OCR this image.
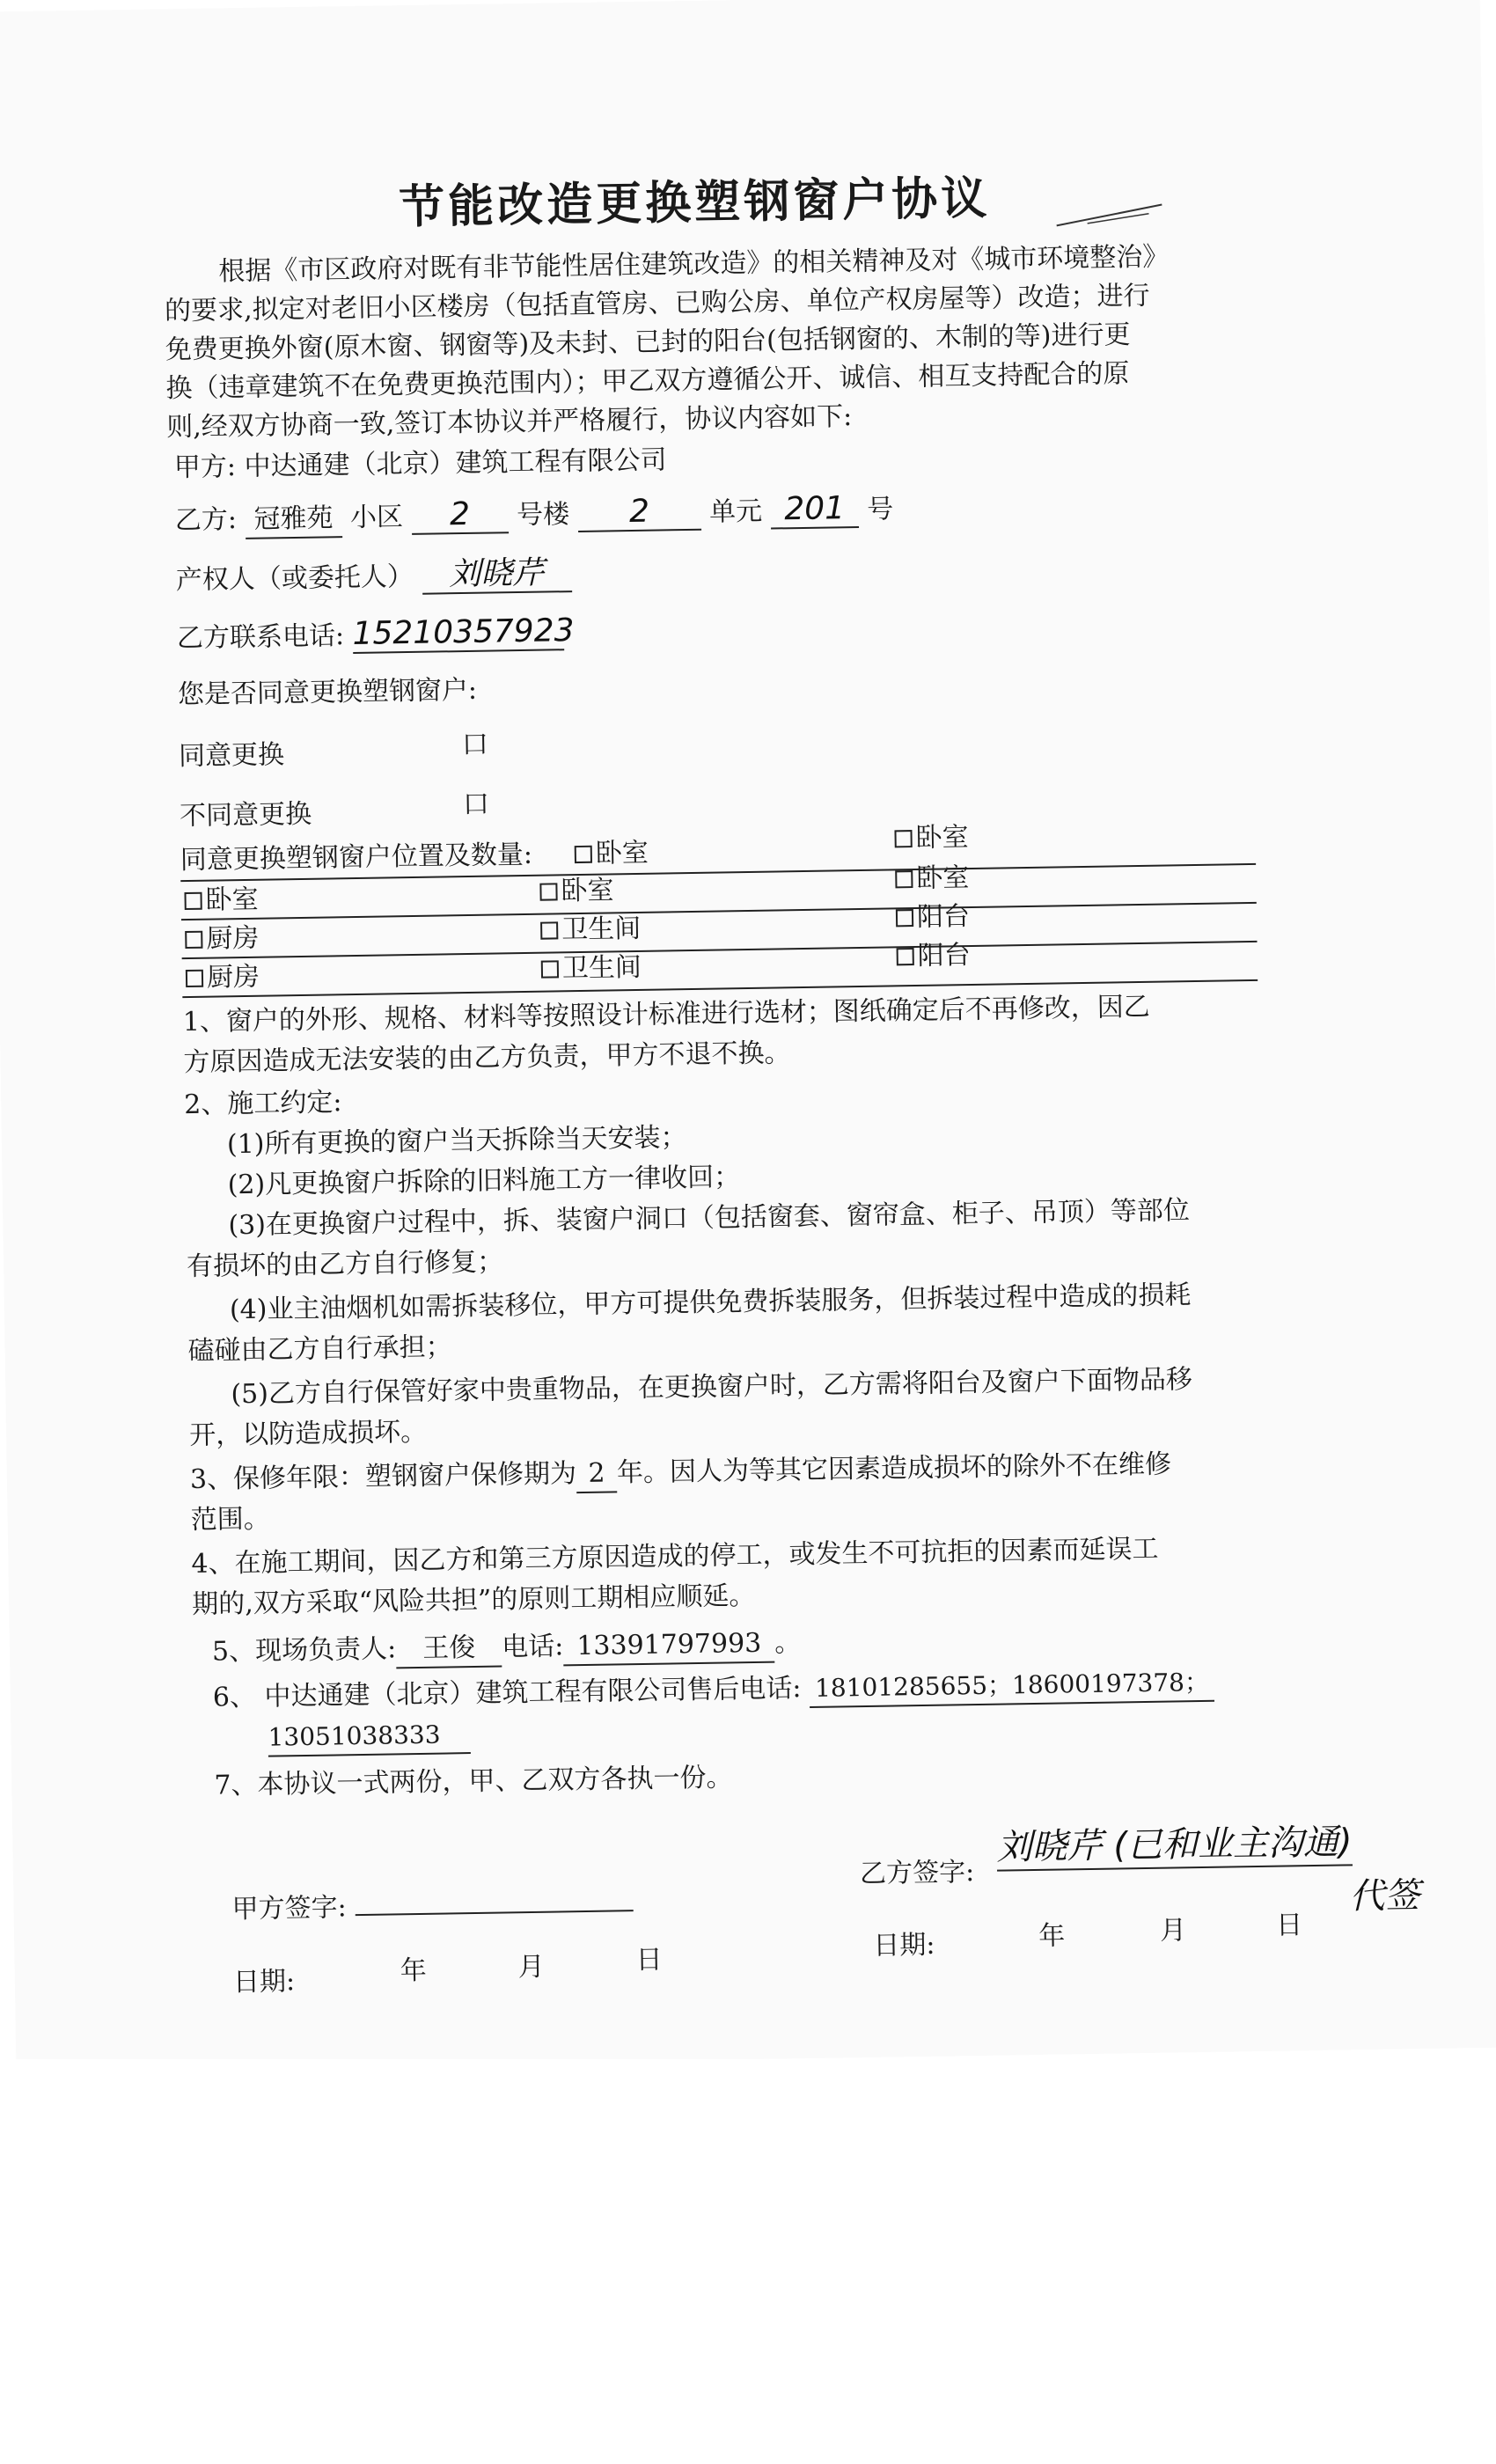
节能改造更换塑钢窗户协议
根据《市区政府对既有非节能性居住建筑改造》的相关精神及对《城市环境整治》
的要求,拟定对老旧小区楼房（包括直管房、已购公房、单位产权房屋等）改造；进行
免费更换外窗(原木窗、钢窗等)及未封、已封的阳台(包括钢窗的、木制的等)进行更
换（违章建筑不在免费更换范围内）；甲乙双方遵循公开、诚信、相互支持配合的原
则,经双方协商一致,签订本协议并严格履行，协议内容如下:
甲方: 中达通建（北京）建筑工程有限公司
乙方: 冠雅苑 小区 2 号楼 2 单元 201 号
产权人（或委托人） 刘晓芹
乙方联系电话: 15210357923
您是否同意更换塑钢窗户:
同意更换	口
不同意更换	口
同意更换塑钢窗户位置及数量:	卧室	卧室
卧室	卧室	卧室
厨房	卫生间	阳台
厨房	卫生间	阳台
1、窗户的外形、规格、材料等按照设计标准进行选材；图纸确定后不再修改，因乙
方原因造成无法安装的由乙方负责，甲方不退不换。
2、施工约定:
(1)所有更换的窗户当天拆除当天安装；
(2)凡更换窗户拆除的旧料施工方一律收回；
(3)在更换窗户过程中，拆、装窗户洞口（包括窗套、窗帘盒、柜子、吊顶）等部位
有损坏的由乙方自行修复；
(4)业主油烟机如需拆装移位，甲方可提供免费拆装服务，但拆装过程中造成的损耗
磕碰由乙方自行承担；
(5)乙方自行保管好家中贵重物品，在更换窗户时，乙方需将阳台及窗户下面物品移
开，以防造成损坏。
3、保修年限：塑钢窗户保修期为 2 年。因人为等其它因素造成损坏的除外不在维修
范围。
4、在施工期间，因乙方和第三方原因造成的停工，或发生不可抗拒的因素而延误工
期的,双方采取“风险共担”的原则工期相应顺延。
5、现场负责人: 王俊 电话: 13391797993 。
6、 中达通建（北京）建筑工程有限公司售后电话: 18101285655；18600197378；
13051038333
7、本协议一式两份，甲、乙双方各执一份。
甲方签字:
乙方签字:
刘晓芹 (已和业主沟通)
代签
日期:	年	月	日	日期:	年	月	日
